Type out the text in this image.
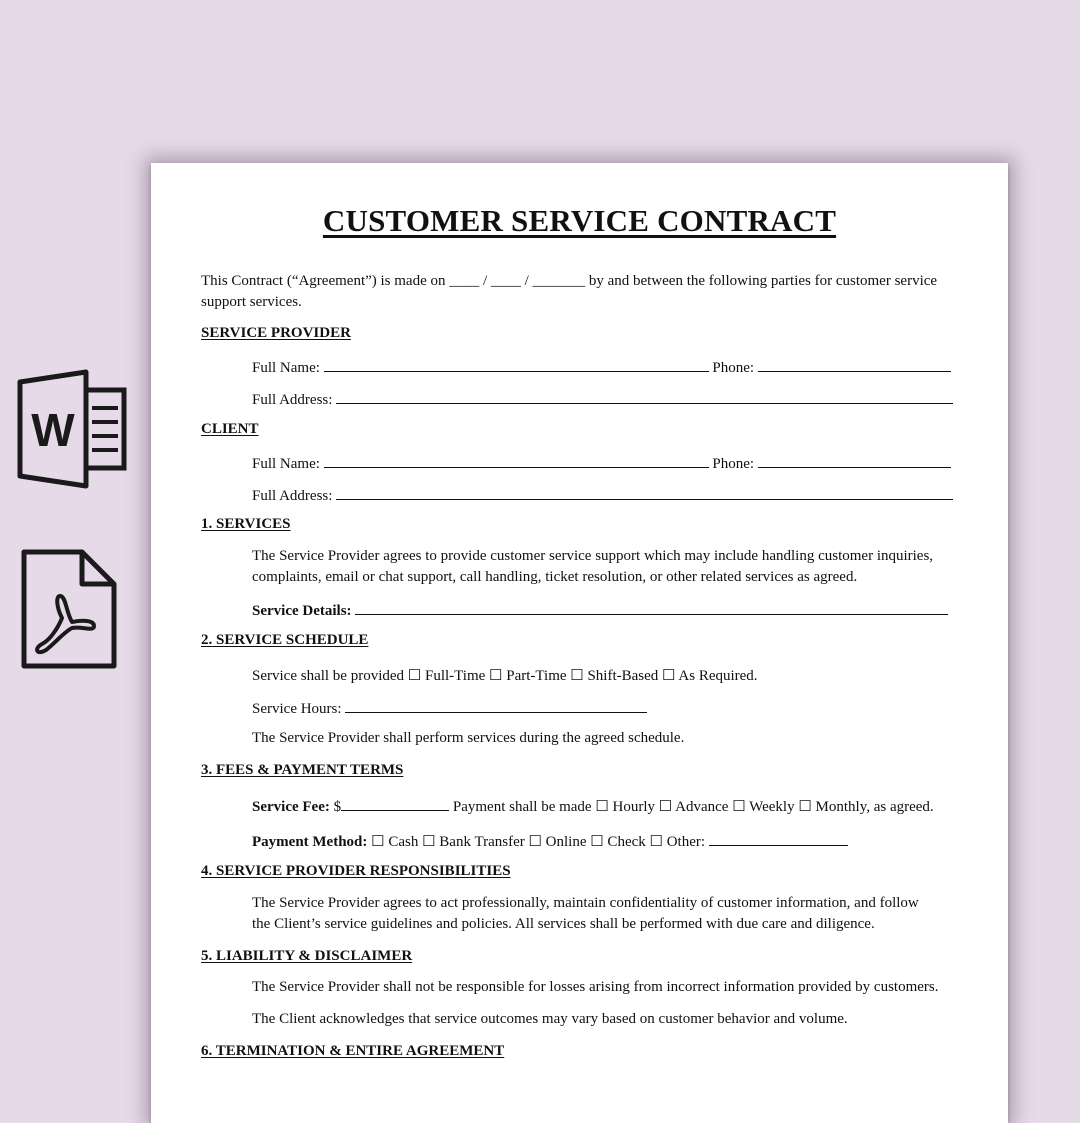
W
CUSTOMER SERVICE CONTRACT
This Contract (“Agreement”) is made on ____ / ____ / _______ by and between the following parties for customer service
support services.
SERVICE PROVIDER
Full Name:	Phone:
Full Address:
CLIENT
Full Name:	Phone:
Full Address:
1. SERVICES
The Service Provider agrees to provide customer service support which may include handling customer inquiries,
complaints, email or chat support, call handling, ticket resolution, or other related services as agreed.
Service Details:
2. SERVICE SCHEDULE
Service shall be provided ☐ Full-Time ☐ Part-Time ☐ Shift-Based ☐ As Required.
Service Hours:
The Service Provider shall perform services during the agreed schedule.
3. FEES & PAYMENT TERMS
Service Fee: $	Payment shall be made ☐ Hourly ☐ Advance ☐ Weekly ☐ Monthly, as agreed.
Payment Method: ☐ Cash ☐ Bank Transfer ☐ Online ☐ Check ☐ Other:
4. SERVICE PROVIDER RESPONSIBILITIES
The Service Provider agrees to act professionally, maintain confidentiality of customer information, and follow
the Client’s service guidelines and policies. All services shall be performed with due care and diligence.
5. LIABILITY & DISCLAIMER
The Service Provider shall not be responsible for losses arising from incorrect information provided by customers.
The Client acknowledges that service outcomes may vary based on customer behavior and volume.
6. TERMINATION & ENTIRE AGREEMENT
